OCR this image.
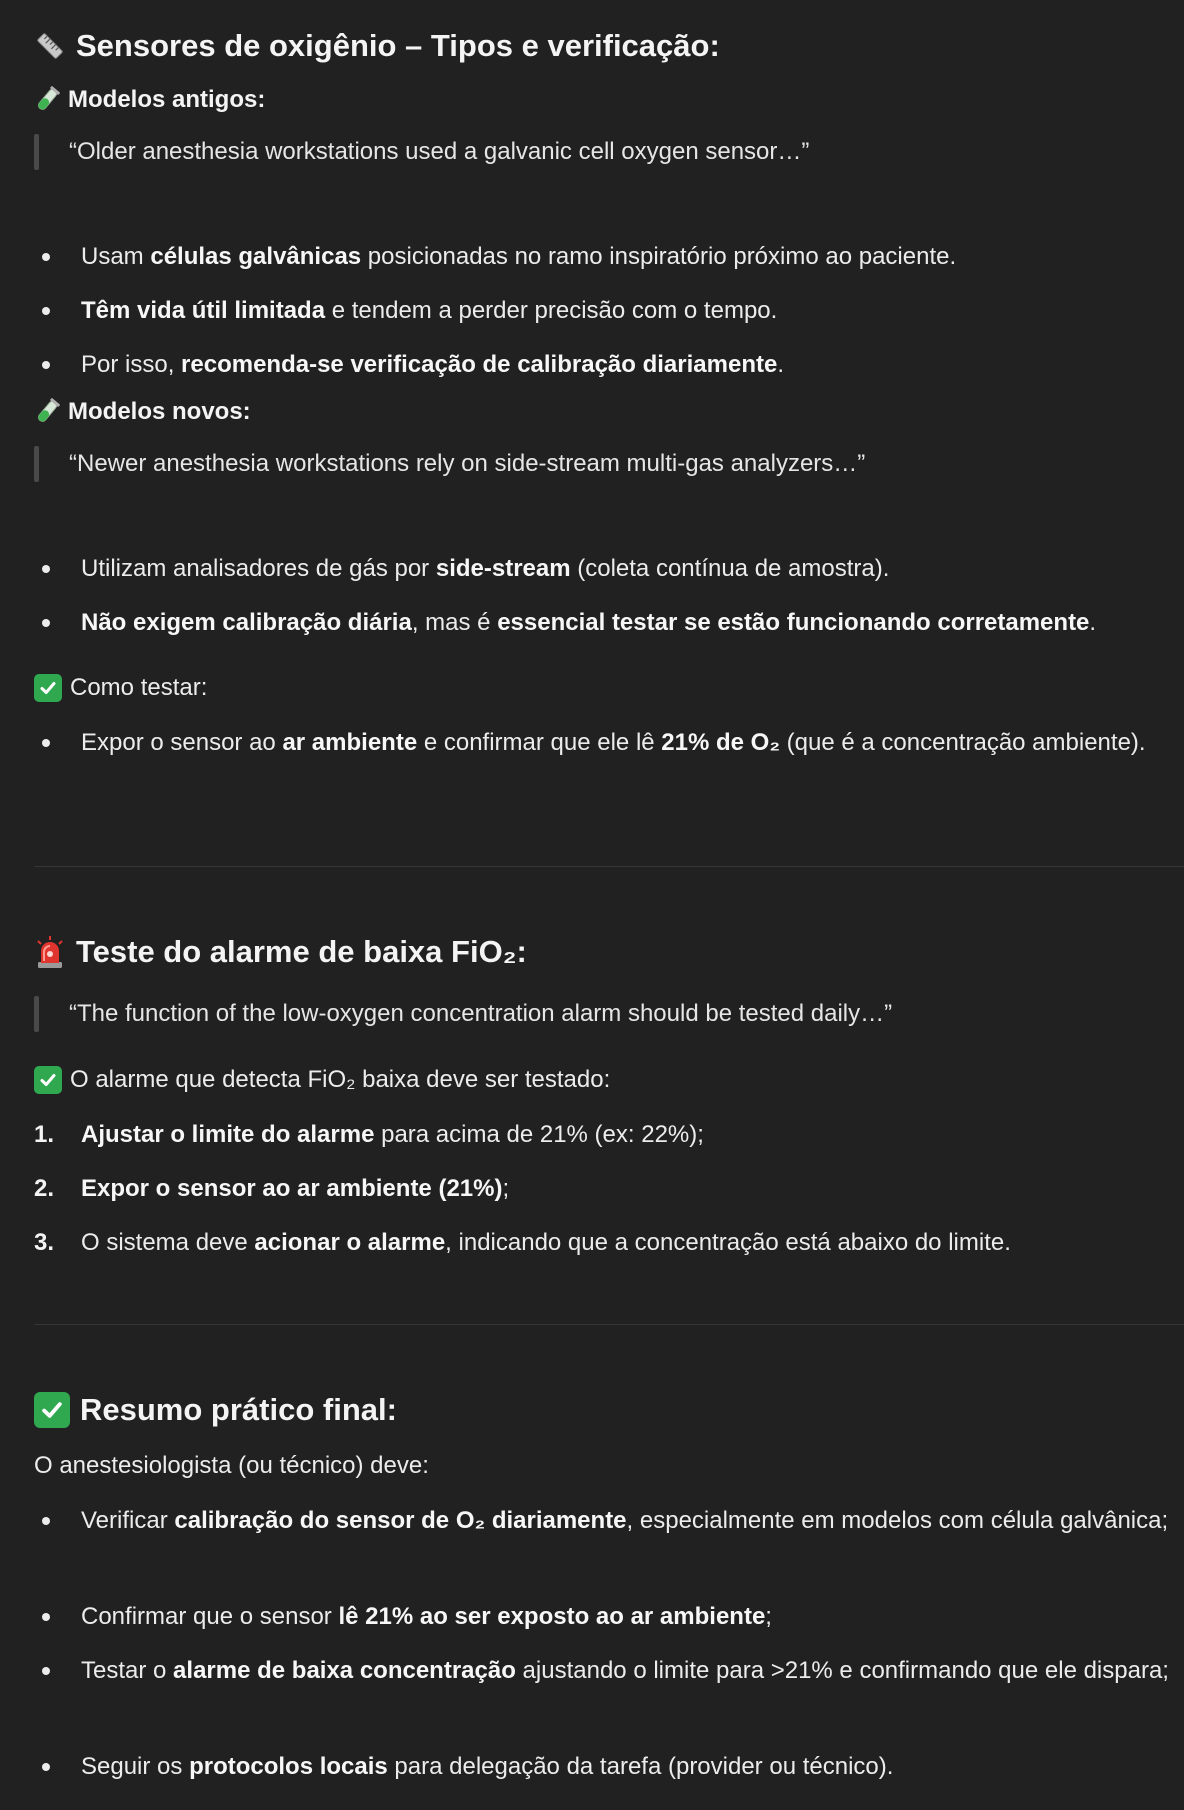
Sensores de oxigênio – Tipos e verificação:
Modelos antigos:
“Older anesthesia workstations used a galvanic cell oxygen sensor…”
Usam células galvânicas posicionadas no ramo inspiratório próximo ao paciente.
Têm vida útil limitada e tendem a perder precisão com o tempo.
Por isso, recomenda-se verificação de calibração diariamente.
Modelos novos:
“Newer anesthesia workstations rely on side-stream multi-gas analyzers…”
Utilizam analisadores de gás por side-stream (coleta contínua de amostra).
Não exigem calibração diária, mas é essencial testar se estão funcionando corretamente.
Como testar:
Expor o sensor ao ar ambiente e confirmar que ele lê 21% de O₂ (que é a concentração ambiente).
Teste do alarme de baixa FiO₂:
“The function of the low-oxygen concentration alarm should be tested daily…”
O alarme que detecta FiO₂ baixa deve ser testado:
1. Ajustar o limite do alarme para acima de 21% (ex: 22%);
2. Expor o sensor ao ar ambiente (21%);
3. O sistema deve acionar o alarme, indicando que a concentração está abaixo do limite.
Resumo prático final:
O anestesiologista (ou técnico) deve:
Verificar calibração do sensor de O₂ diariamente, especialmente em modelos com célula galvânica;
Confirmar que o sensor lê 21% ao ser exposto ao ar ambiente;
Testar o alarme de baixa concentração ajustando o limite para >21% e confirmando que ele dispara;
Seguir os protocolos locais para delegação da tarefa (provider ou técnico).
